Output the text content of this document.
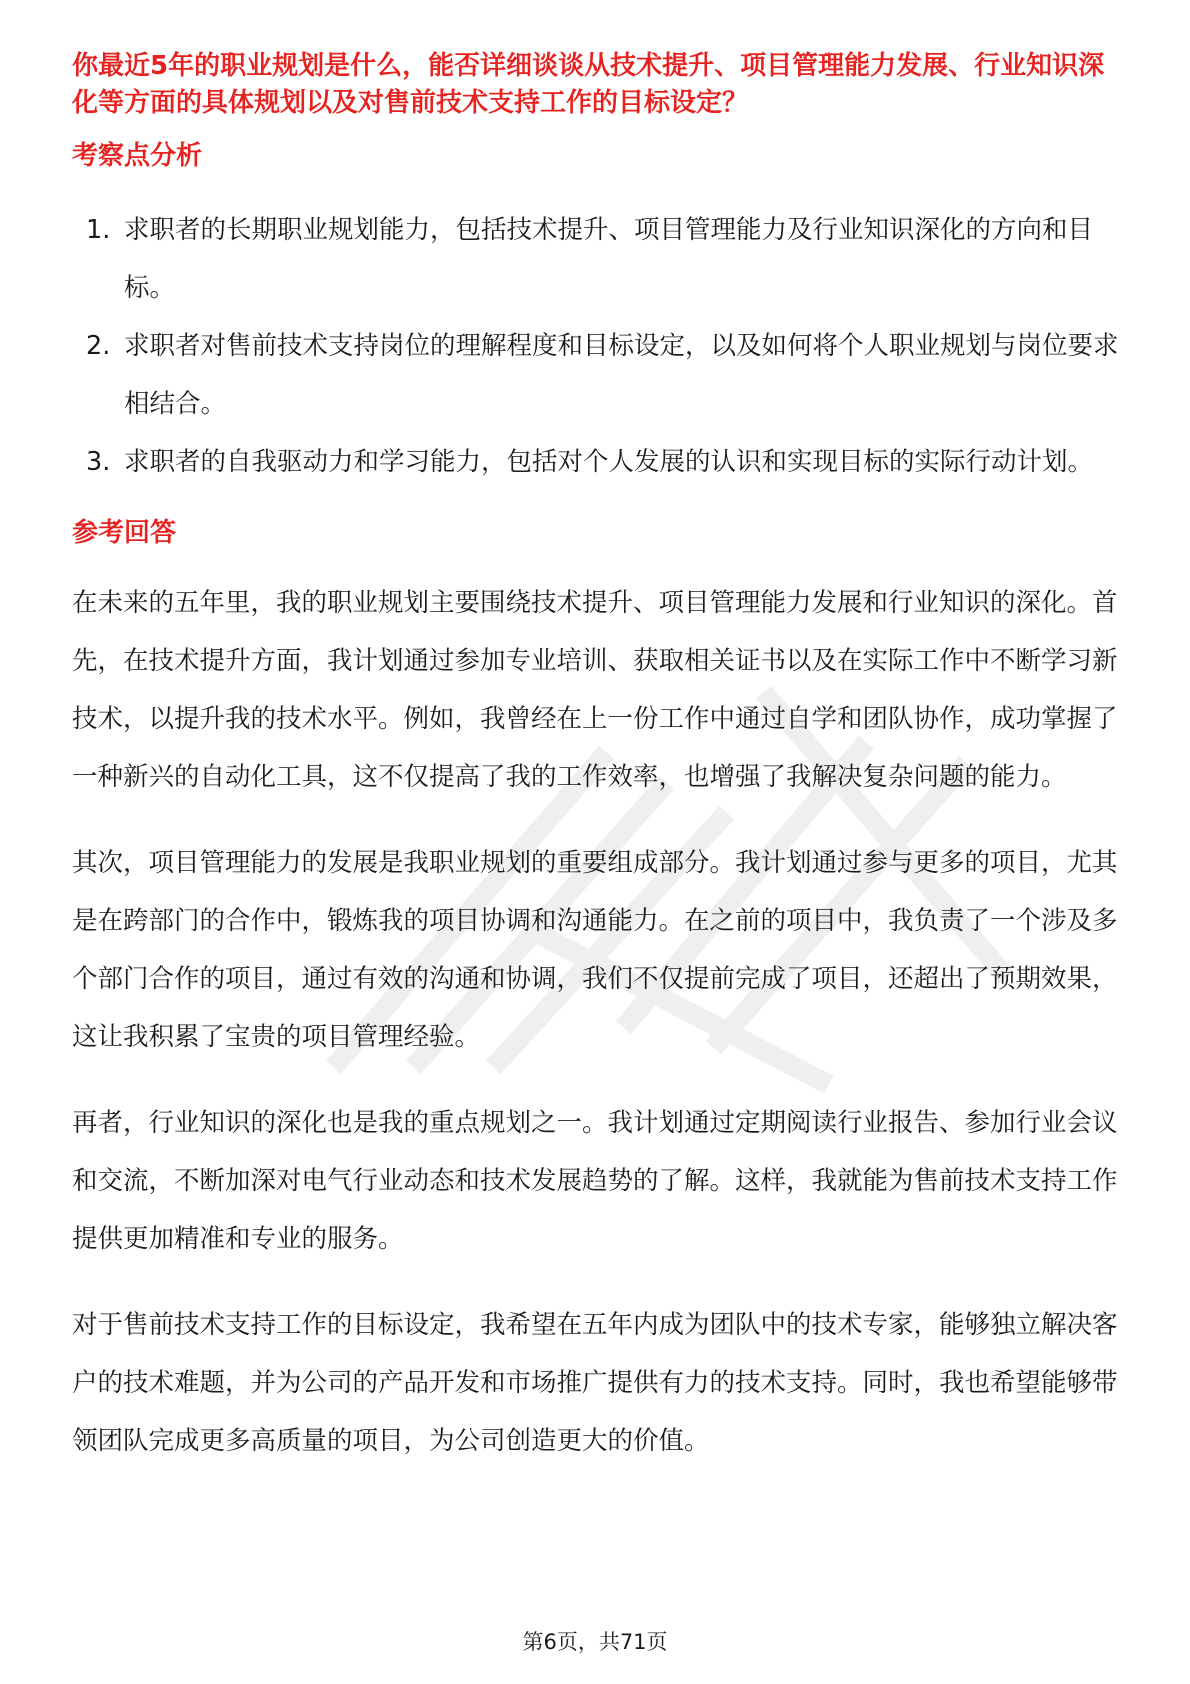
你最近5年的职业规划是什么，能否详细谈谈从技术提升、项目管理能力发展、行业知识深化等方面的具体规划以及对售前技术支持工作的目标设定？

考察点分析

1. 求职者的长期职业规划能力，包括技术提升、项目管理能力及行业知识深化的方向和目标。
2. 求职者对售前技术支持岗位的理解程度和目标设定，以及如何将个人职业规划与岗位要求相结合。
3. 求职者的自我驱动力和学习能力，包括对个人发展的认识和实现目标的实际行动计划。

参考回答

在未来的五年里，我的职业规划主要围绕技术提升、项目管理能力发展和行业知识的深化。首先，在技术提升方面，我计划通过参加专业培训、获取相关证书以及在实际工作中不断学习新技术，以提升我的技术水平。例如，我曾经在上一份工作中通过自学和团队协作，成功掌握了一种新兴的自动化工具，这不仅提高了我的工作效率，也增强了我解决复杂问题的能力。

其次，项目管理能力的发展是我职业规划的重要组成部分。我计划通过参与更多的项目，尤其是在跨部门的合作中，锻炼我的项目协调和沟通能力。在之前的项目中，我负责了一个涉及多个部门合作的项目，通过有效的沟通和协调，我们不仅提前完成了项目，还超出了预期效果，这让我积累了宝贵的项目管理经验。

再者，行业知识的深化也是我的重点规划之一。我计划通过定期阅读行业报告、参加行业会议和交流，不断加深对电气行业动态和技术发展趋势的了解。这样，我就能为售前技术支持工作提供更加精准和专业的服务。

对于售前技术支持工作的目标设定，我希望在五年内成为团队中的技术专家，能够独立解决客户的技术难题，并为公司的产品开发和市场推广提供有力的技术支持。同时，我也希望能够带领团队完成更多高质量的项目，为公司创造更大的价值。

第6页，共71页
